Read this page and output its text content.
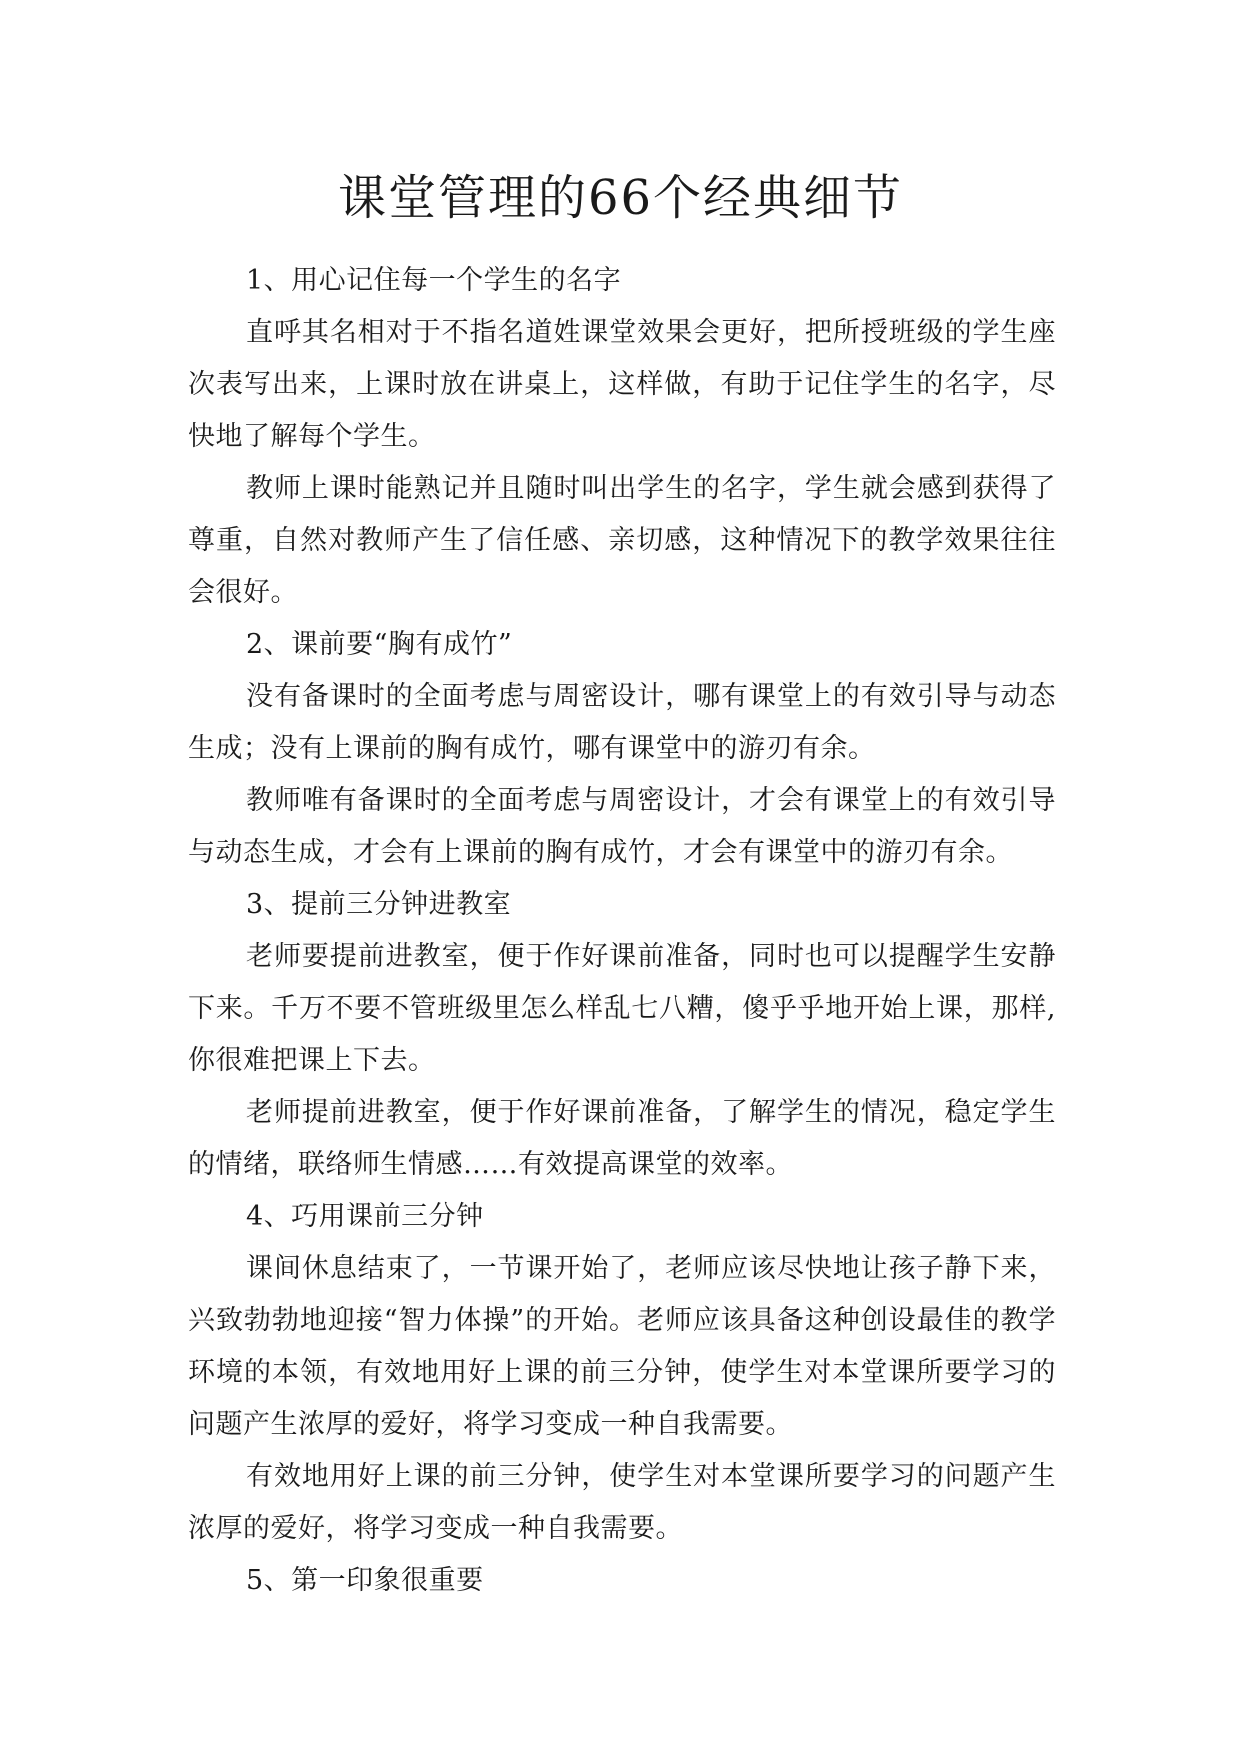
课堂管理的66个经典细节

1、用心记住每一个学生的名字

直呼其名相对于不指名道姓课堂效果会更好，把所授班级的学生座次表写出来，上课时放在讲桌上，这样做，有助于记住学生的名字，尽快地了解每个学生。

教师上课时能熟记并且随时叫出学生的名字，学生就会感到获得了尊重，自然对教师产生了信任感、亲切感，这种情况下的教学效果往往会很好。

2、课前要“胸有成竹”

没有备课时的全面考虑与周密设计，哪有课堂上的有效引导与动态生成；没有上课前的胸有成竹，哪有课堂中的游刃有余。

教师唯有备课时的全面考虑与周密设计，才会有课堂上的有效引导与动态生成，才会有上课前的胸有成竹，才会有课堂中的游刃有余。

3、提前三分钟进教室

老师要提前进教室，便于作好课前准备，同时也可以提醒学生安静下来。千万不要不管班级里怎么样乱七八糟，傻乎乎地开始上课，那样,你很难把课上下去。

老师提前进教室，便于作好课前准备，了解学生的情况，稳定学生的情绪，联络师生情感……有效提高课堂的效率。

4、巧用课前三分钟

课间休息结束了，一节课开始了，老师应该尽快地让孩子静下来，兴致勃勃地迎接“智力体操”的开始。老师应该具备这种创设最佳的教学环境的本领，有效地用好上课的前三分钟，使学生对本堂课所要学习的问题产生浓厚的爱好，将学习变成一种自我需要。

有效地用好上课的前三分钟，使学生对本堂课所要学习的问题产生浓厚的爱好，将学习变成一种自我需要。

5、第一印象很重要
